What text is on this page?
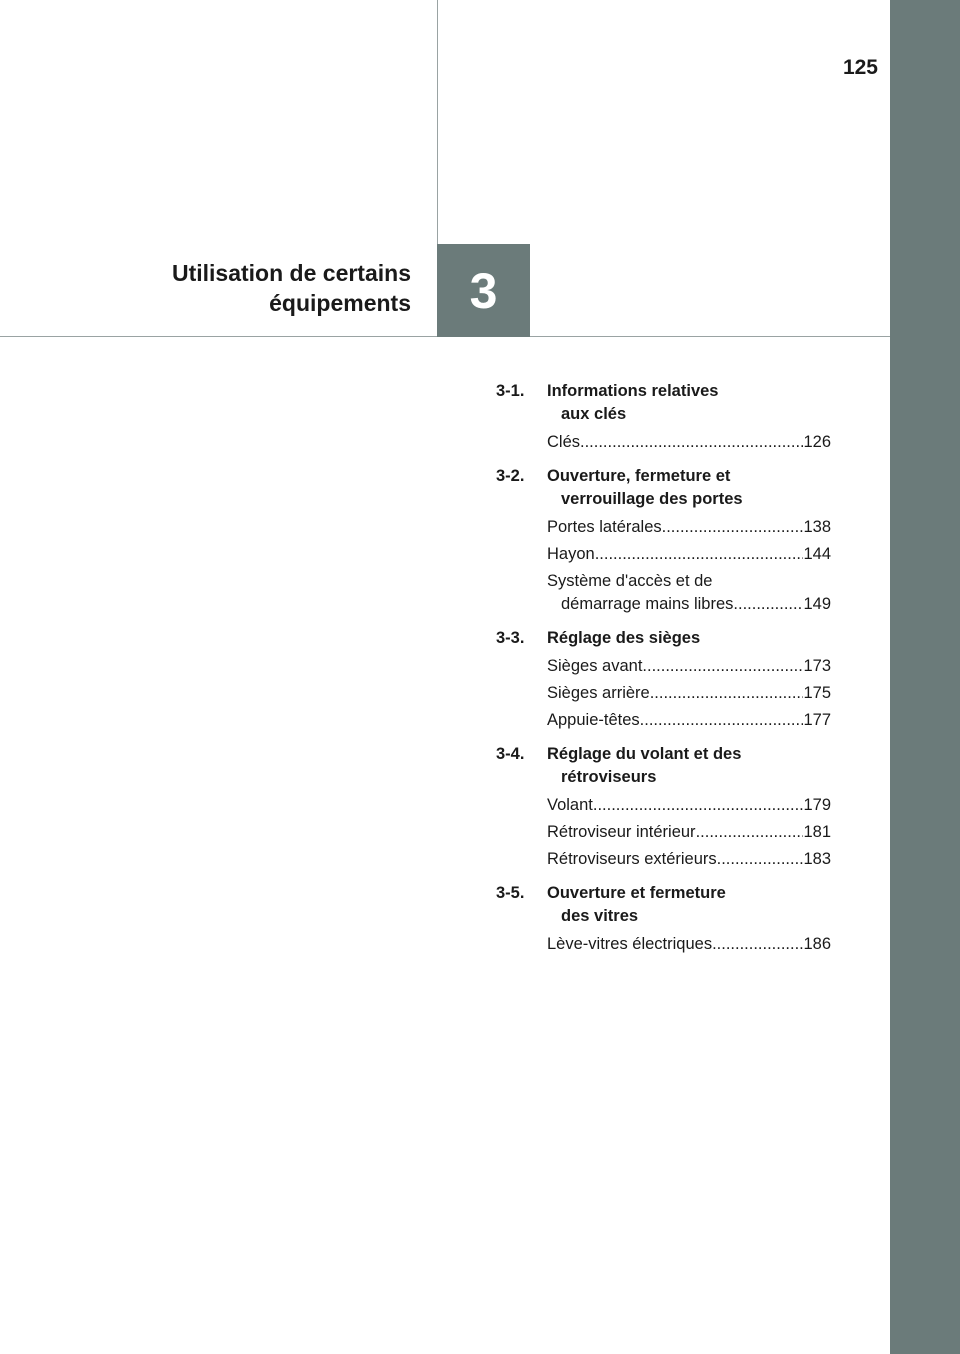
125
Utilisation de certains
équipements	3
3-1.	Informations relatives
aux clés
Clés .....	126
3-2.	Ouverture, fermeture et
verrouillage des portes
Portes latérales .....	138
Hayon .....	144
Système d'accès et de
démarrage mains libres .....	149
3-3.	Réglage des sièges
Sièges avant .....	173
Sièges arrière .....	175
Appuie-têtes .....	177
3-4.	Réglage du volant et des
rétroviseurs
Volant .....	179
Rétroviseur intérieur .....	181
Rétroviseurs extérieurs .....	183
3-5.	Ouverture et fermeture
des vitres
Lève-vitres électriques .....	186
